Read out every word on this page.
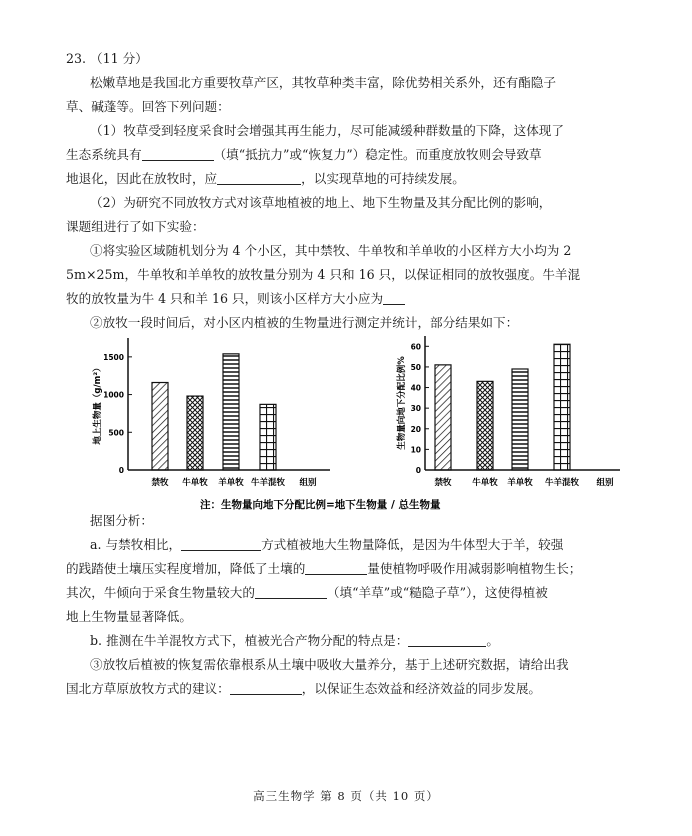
23. （11 分）
松嫩草地是我国北方重要牧草产区，其牧草种类丰富，除优势相关系外，还有酯隐子
草、碱蓬等。回答下列问题：
（1）牧草受到轻度采食时会增强其再生能力，尽可能减缓种群数量的下降，这体现了
生态系统具有	（填“抵抗力”或“恢复力”）稳定性。而重度放牧则会导致草
地退化，因此在放牧时，应	，以实现草地的可持续发展。
（2）为研究不同放牧方式对该草地植被的地上、地下生物量及其分配比例的影响，
课题组进行了如下实验：
①将实验区域随机划分为 4 个小区，其中禁牧、牛单牧和羊单收的小区样方大小均为 2
5m×25m，牛单牧和羊单牧的放牧量分别为 4 只和 16 只，以保证相同的放牧强度。牛羊混
牧的放牧量为牛 4 只和羊 16 只，则该小区样方大小应为
②放牧一段时间后，对小区内植被的生物量进行测定并统计，部分结果如下：
0
500
1000
1500
地上生物量（g/m²）
禁牧 牛单牧 羊单牧 牛羊混牧 组别
0
10
20
30
40
50
60
生物量向地下分配比例%
禁牧 牛单牧 羊单牧 牛羊混牧 组别
注：生物量向地下分配比例=地下生物量 / 总生物量
据图分析：
a. 与禁牧相比，	方式植被地大生物量降低，是因为牛体型大于羊，较强
的践踏使土壤压实程度增加，降低了土壤的	量使植物呼吸作用减弱影响植物生长；
其次，牛倾向于采食生物量较大的	（填“羊草”或“糙隐子草”），这使得植被
地上生物量显著降低。
b. 推测在牛羊混牧方式下，植被光合产物分配的特点是：	。
③放牧后植被的恢复需依靠根系从土壤中吸收大量养分，基于上述研究数据，请给出我
国北方草原放牧方式的建议：	，以保证生态效益和经济效益的同步发展。
高三生物学 第 8 页（共 10 页）
